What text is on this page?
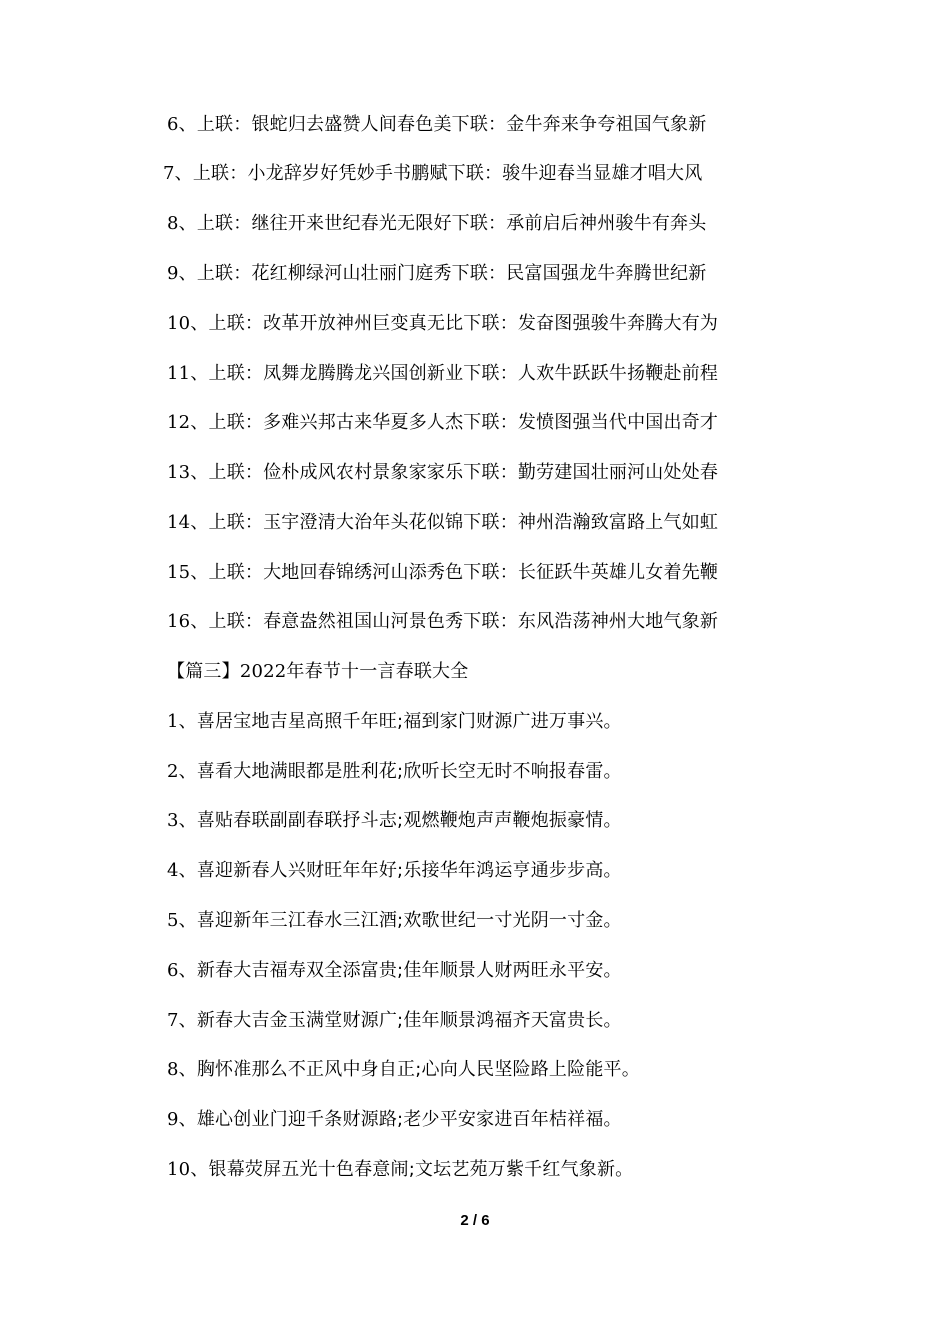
6、上联：银蛇归去盛赞人间春色美下联：金牛奔来争夸祖国气象新
7、上联：小龙辞岁好凭妙手书鹏赋下联：骏牛迎春当显雄才唱大风
8、上联：继往开来世纪春光无限好下联：承前启后神州骏牛有奔头
9、上联：花红柳绿河山壮丽门庭秀下联：民富国强龙牛奔腾世纪新
10、上联：改革开放神州巨变真无比下联：发奋图强骏牛奔腾大有为
11、上联：凤舞龙腾腾龙兴国创新业下联：人欢牛跃跃牛扬鞭赴前程
12、上联：多难兴邦古来华夏多人杰下联：发愤图强当代中国出奇才
13、上联：俭朴成风农村景象家家乐下联：勤劳建国壮丽河山处处春
14、上联：玉宇澄清大治年头花似锦下联：神州浩瀚致富路上气如虹
15、上联：大地回春锦绣河山添秀色下联：长征跃牛英雄儿女着先鞭
16、上联：春意盎然祖国山河景色秀下联：东风浩荡神州大地气象新
【篇三】2022年春节十一言春联大全
1、喜居宝地吉星高照千年旺;福到家门财源广进万事兴。
2、喜看大地满眼都是胜利花;欣听长空无时不响报春雷。
3、喜贴春联副副春联抒斗志;观燃鞭炮声声鞭炮振豪情。
4、喜迎新春人兴财旺年年好;乐接华年鸿运亨通步步高。
5、喜迎新年三江春水三江酒;欢歌世纪一寸光阴一寸金。
6、新春大吉福寿双全添富贵;佳年顺景人财两旺永平安。
7、新春大吉金玉满堂财源广;佳年顺景鸿福齐天富贵长。
8、胸怀准那么不正风中身自正;心向人民坚险路上险能平。
9、雄心创业门迎千条财源路;老少平安家进百年桔祥福。
10、银幕荧屏五光十色春意闹;文坛艺苑万紫千红气象新。
2 / 6
